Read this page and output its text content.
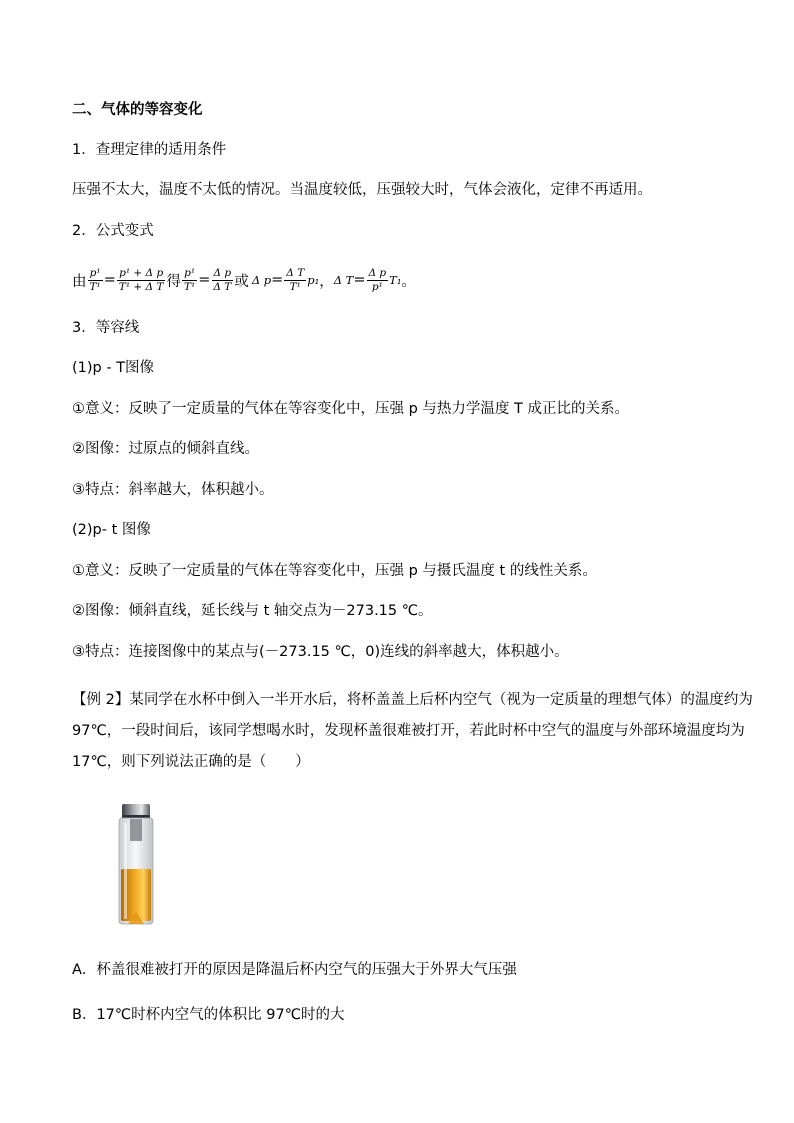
二、气体的等容变化
1．查理定律的适用条件
压强不太大，温度不太低的情况。当温度较低，压强较大时，气体会液化，定律不再适用。
2．公式变式
由 $\frac{\text{p¹}}{\text{T¹}} = \frac{\text{p¹ + Δ p}}{\text{T¹ + Δ T}}$ 得 $\frac{\text{p¹}}{\text{T¹}} = \frac{\text{Δ p}}{\text{Δ T}}$ 或 Δ $p = \frac{\text{Δ T}}{\text{T¹}} p_1$ ， Δ $T = \frac{\text{Δ p}}{\text{p¹}} T_1$ 。
3．等容线
(1)p - T图像
①意义：反映了一定质量的气体在等容变化中，压强 p 与热力学温度 T 成正比的关系。
②图像：过原点的倾斜直线。
③特点：斜率越大，体积越小。
(2)p- t 图像
①意义：反映了一定质量的气体在等容变化中，压强 p 与摄氏温度 t 的线性关系。
②图像：倾斜直线，延长线与 t 轴交点为－273.15 ℃。
③特点：连接图像中的某点与(－273.15 ℃，0)连线的斜率越大，体积越小。
【例 2】某同学在水杯中倒入一半开水后，将杯盖盖上后杯内空气（视为一定质量的理想气体）的温度约为
97℃，一段时间后，该同学想喝水时，发现杯盖很难被打开，若此时杯中空气的温度与外部环境温度均为
17℃，则下列说法正确的是（　　）
A．杯盖很难被打开的原因是降温后杯内空气的压强大于外界大气压强
B．17℃时杯内空气的体积比 97℃时的大
